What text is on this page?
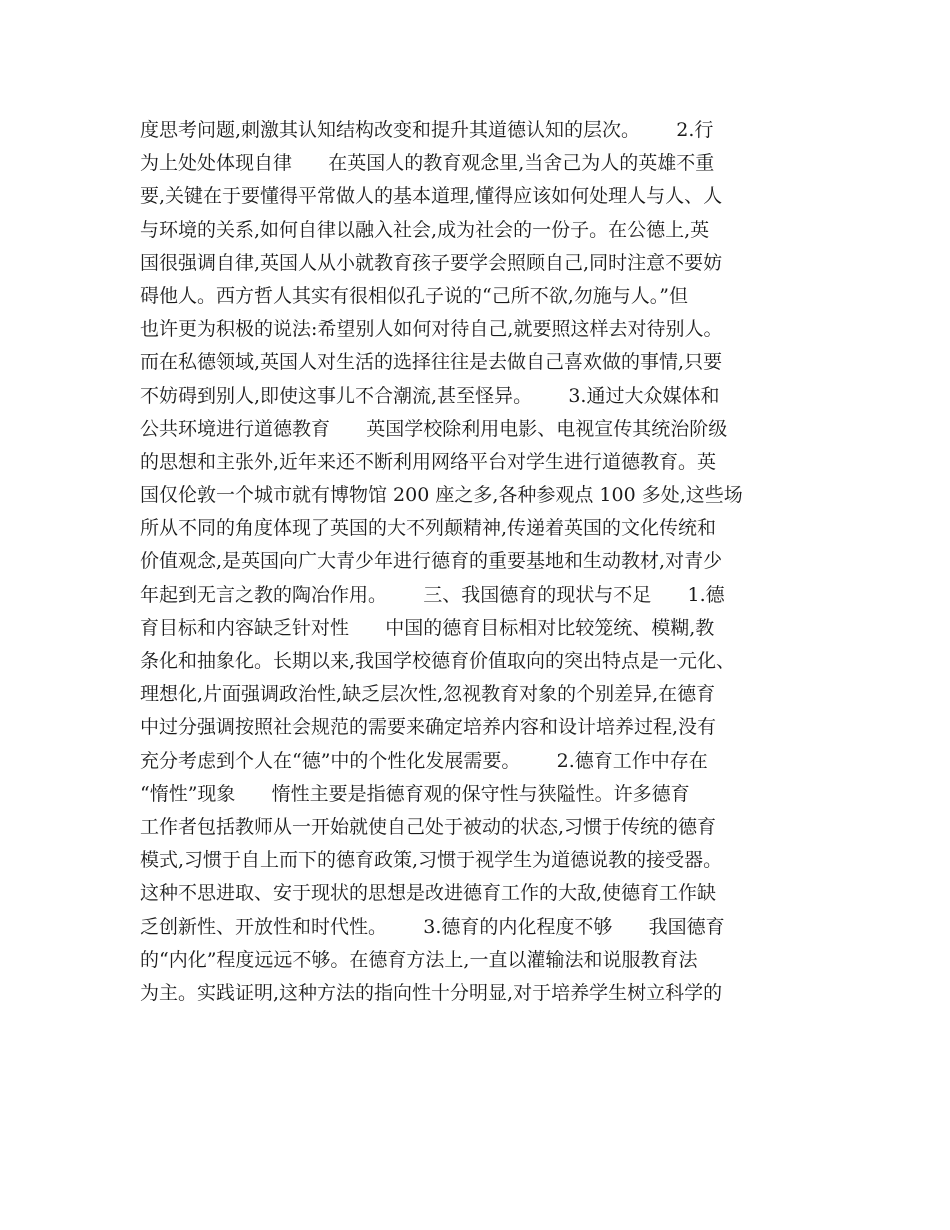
度思考问题,刺激其认知结构改变和提升其道德认知的层次。      2.行
为上处处体现自律      在英国人的教育观念里,当舍己为人的英雄不重
要,关键在于要懂得平常做人的基本道理,懂得应该如何处理人与人、人
与环境的关系,如何自律以融入社会,成为社会的一份子。在公德上,英
国很强调自律,英国人从小就教育孩子要学会照顾自己,同时注意不要妨
碍他人。西方哲人其实有很相似孔子说的“己所不欲,勿施与人。”但
也许更为积极的说法:希望别人如何对待自己,就要照这样去对待别人。
而在私德领域,英国人对生活的选择往往是去做自己喜欢做的事情,只要
不妨碍到别人,即使这事儿不合潮流,甚至怪异。      3.通过大众媒体和
公共环境进行道德教育      英国学校除利用电影、电视宣传其统治阶级
的思想和主张外,近年来还不断利用网络平台对学生进行道德教育。英
国仅伦敦一个城市就有博物馆 200 座之多,各种参观点 100 多处,这些场
所从不同的角度体现了英国的大不列颠精神,传递着英国的文化传统和
价值观念,是英国向广大青少年进行德育的重要基地和生动教材,对青少
年起到无言之教的陶冶作用。      三、我国德育的现状与不足      1.德
育目标和内容缺乏针对性      中国的德育目标相对比较笼统、模糊,教
条化和抽象化。长期以来,我国学校德育价值取向的突出特点是一元化、
理想化,片面强调政治性,缺乏层次性,忽视教育对象的个别差异,在德育
中过分强调按照社会规范的需要来确定培养内容和设计培养过程,没有
充分考虑到个人在“德”中的个性化发展需要。      2.德育工作中存在
“惰性”现象      惰性主要是指德育观的保守性与狭隘性。许多德育
工作者包括教师从一开始就使自己处于被动的状态,习惯于传统的德育
模式,习惯于自上而下的德育政策,习惯于视学生为道德说教的接受器。
这种不思进取、安于现状的思想是改进德育工作的大敌,使德育工作缺
乏创新性、开放性和时代性。      3.德育的内化程度不够      我国德育
的“内化”程度远远不够。在德育方法上,一直以灌输法和说服教育法
为主。实践证明,这种方法的指向性十分明显,对于培养学生树立科学的
